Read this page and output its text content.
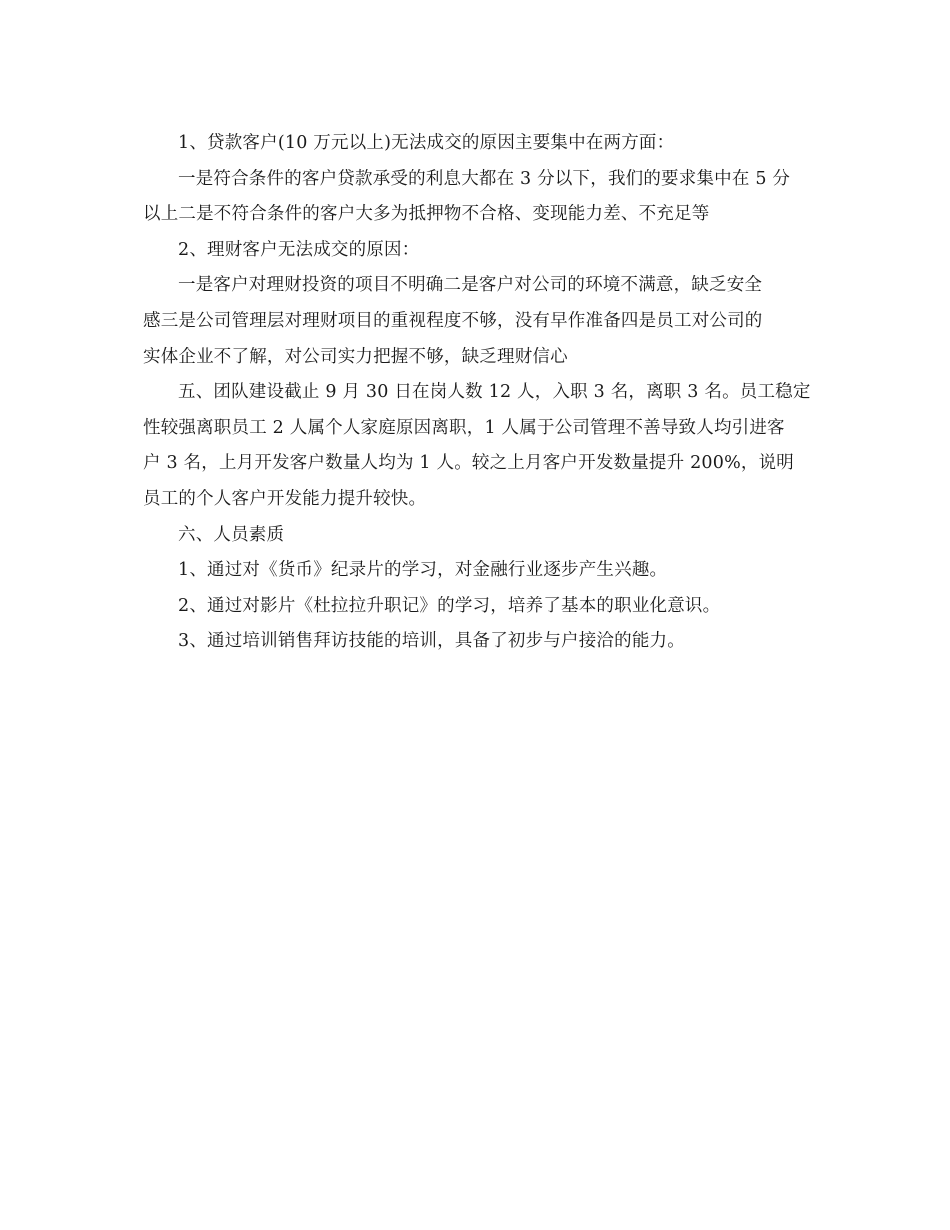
1、贷款客户(10 万元以上)无法成交的原因主要集中在两方面：

一是符合条件的客户贷款承受的利息大都在 3 分以下，我们的要求集中在 5 分
以上二是不符合条件的客户大多为抵押物不合格、变现能力差、不充足等

2、理财客户无法成交的原因：

一是客户对理财投资的项目不明确二是客户对公司的环境不满意，缺乏安全
感三是公司管理层对理财项目的重视程度不够，没有早作准备四是员工对公司的
实体企业不了解，对公司实力把握不够，缺乏理财信心

五、团队建设截止 9 月 30 日在岗人数 12 人，入职 3 名，离职 3 名。员工稳定
性较强离职员工 2 人属个人家庭原因离职，1 人属于公司管理不善导致人均引进客
户 3 名，上月开发客户数量人均为 1 人。较之上月客户开发数量提升 200%，说明
员工的个人客户开发能力提升较快。

六、人员素质

1、通过对《货币》纪录片的学习，对金融行业逐步产生兴趣。

2、通过对影片《杜拉拉升职记》的学习，培养了基本的职业化意识。

3、通过培训销售拜访技能的培训，具备了初步与户接洽的能力。
